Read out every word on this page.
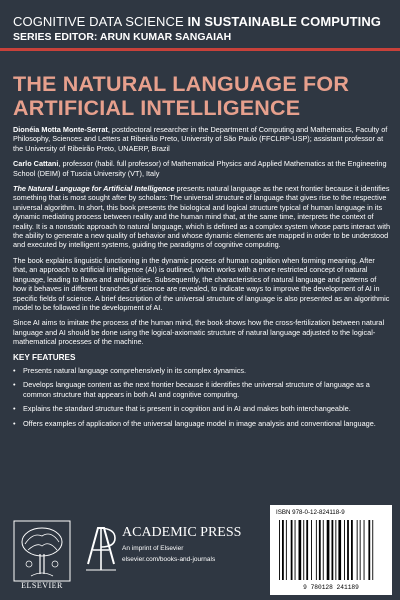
COGNITIVE DATA SCIENCE IN SUSTAINABLE COMPUTING
SERIES EDITOR: ARUN KUMAR SANGAIAH
THE NATURAL LANGUAGE FOR
ARTIFICIAL INTELLIGENCE

Dionéia Motta Monte-Serrat, postdoctoral researcher in the Department of Computing and Mathematics, Faculty of Philosophy, Sciences and Letters at Ribeirão Preto, University of São Paulo (FFCLRP-USP); assistant professor at the University of Ribeirão Preto, UNAERP, Brazil

Carlo Cattani, professor (habil. full professor) of Mathematical Physics and Applied Mathematics at the Engineering School (DEIM) of Tuscia University (VT), Italy

The Natural Language for Artificial Intelligence presents natural language as the next frontier because it identifies something that is most sought after by scholars: The universal structure of language that gives rise to the respective universal algorithm. In short, this book presents the biological and logical structure typical of human language in its dynamic mediating process between reality and the human mind that, at the same time, interprets the context of reality. It is a nonstatic approach to natural language, which is defined as a complex system whose parts interact with the ability to generate a new quality of behavior and whose dynamic elements are mapped in order to be understood and executed by intelligent systems, guiding the paradigms of cognitive computing.

The book explains linguistic functioning in the dynamic process of human cognition when forming meaning. After that, an approach to artificial intelligence (AI) is outlined, which works with a more restricted concept of natural language, leading to flaws and ambiguities. Subsequently, the characteristics of natural language and patterns of how it behaves in different branches of science are revealed, to indicate ways to improve the development of AI in specific fields of science. A brief description of the universal structure of language is also presented as an algorithmic model to be followed in the development of AI.

Since AI aims to imitate the process of the human mind, the book shows how the cross-fertilization between natural language and AI should be done using the logical-axiomatic structure of natural language adjusted to the logical-mathematical processes of the machine.

KEY FEATURES
• Presents natural language comprehensively in its complex dynamics.
• Develops language content as the next frontier because it identifies the universal structure of language as a common structure that appears in both AI and cognitive computing.
• Explains the standard structure that is present in cognition and in AI and makes both interchangeable.
• Offers examples of application of the universal language model in image analysis and conventional language.
ELSEVIER
ACADEMIC PRESS
An imprint of Elsevier
elsevier.com/books-and-journals
ISBN 978-0-12-824118-9
9 780128 241189
